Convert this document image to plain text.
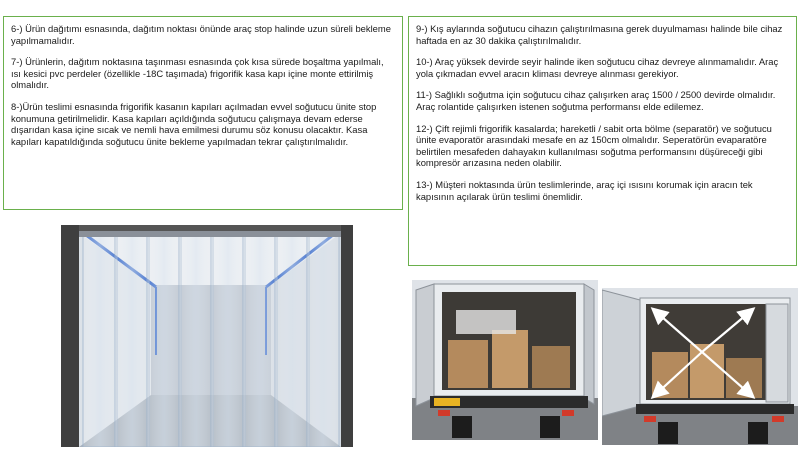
6-) Ürün dağıtımı esnasında, dağıtım noktası önünde araç stop halinde uzun süreli bekleme yapılmamalıdır.

7-) Ürünlerin, dağıtım noktasına taşınması esnasında çok kısa sürede boşaltma yapılmalı, ısı kesici pvc perdeler (özellikle -18C taşımada) frigorifik kasa kapı içine monte ettirilmiş olmalıdır.

8-)Ürün teslimi esnasında frigorifik kasanın kapıları açılmadan evvel soğutucu ünite stop konumuna getirilmelidir. Kasa kapıları açıldığında soğutucu çalışmaya devam ederse dışarıdan kasa içine sıcak ve nemli hava emilmesi durumu söz konusu olacaktır. Kasa kapıları kapatıldığında soğutucu ünite bekleme yapılmadan tekrar çalıştırılmalıdır.

9-) Kış aylarında soğutucu cihazın çalıştırılmasına gerek duyulmaması halinde bile cihaz haftada en az 30 dakika çalıştırılmalıdır.

10-) Araç yüksek devirde seyir halinde iken soğutucu cihaz devreye alınmamalıdır. Araç yola çıkmadan evvel aracın kliması devreye alınması gerekiyor.

11-) Sağlıklı soğutma için soğutucu cihaz çalışırken araç 1500 / 2500 devirde olmalıdır. Araç rolantide çalışırken istenen soğutma performansı elde edilemez.

12-) Çift rejimli frigorifik kasalarda; hareketli / sabit orta bölme (separatör) ve soğutucu ünite evaporatör arasındaki mesafe en az 150cm olmalıdır. Seperatörün evaparatöre belirtilen mesafeden dahayakın kullanılması soğutma performansını düşüreceği gibi kompresör arızasına neden olabilir.

13-) Müşteri noktasında ürün teslimlerinde, araç içi ısısını korumak için aracın tek kapısının açılarak ürün teslimi önemlidir.
